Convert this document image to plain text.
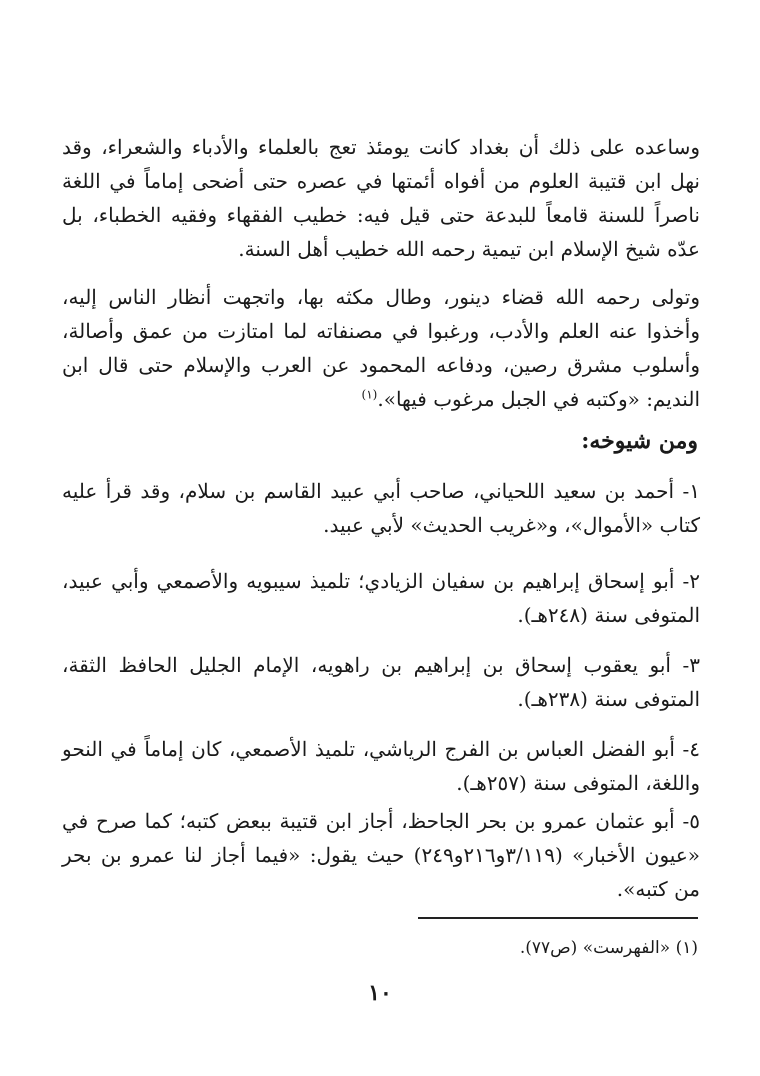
وساعده على ذلك أن بغداد كانت يومئذ تعج بالعلماء والأدباء والشعراء، وقد نهل ابن قتيبة العلوم من أفواه أئمتها في عصره حتى أضحى إماماً في اللغة ناصراً للسنة قامعاً للبدعة حتى قيل فيه: خطيب الفقهاء وفقيه الخطباء، بل عدّه شيخ الإسلام ابن تيمية رحمه الله خطيب أهل السنة.

وتولى رحمه الله قضاء دينور، وطال مكثه بها، واتجهت أنظار الناس إليه، وأخذوا عنه العلم والأدب، ورغبوا في مصنفاته لما امتازت من عمق وأصالة، وأسلوب مشرق رصين، ودفاعه المحمود عن العرب والإسلام حتى قال ابن النديم: «وكتبه في الجبل مرغوب فيها».$^{(١)}$

ومن شيوخه:

١- أحمد بن سعيد اللحياني، صاحب أبي عبيد القاسم بن سلام، وقد قرأ عليه كتاب «الأموال»، و«غريب الحديث» لأبي عبيد.

٢- أبو إسحاق إبراهيم بن سفيان الزيادي؛ تلميذ سيبويه والأصمعي وأبي عبيد، المتوفى سنة (٢٤٨هـ).

٣- أبو يعقوب إسحاق بن إبراهيم بن راهويه، الإمام الجليل الحافظ الثقة، المتوفى سنة (٢٣٨هـ).

٤- أبو الفضل العباس بن الفرج الرياشي، تلميذ الأصمعي، كان إماماً في النحو واللغة، المتوفى سنة (٢٥٧هـ).

٥- أبو عثمان عمرو بن بحر الجاحظ، أجاز ابن قتيبة ببعض كتبه؛ كما صرح في «عيون الأخبار» (٣/١١٩و٢١٦و٢٤٩) حيث يقول: «فيما أجاز لنا عمرو بن بحر من كتبه».

(١) «الفهرست» (ص٧٧).
١٠
